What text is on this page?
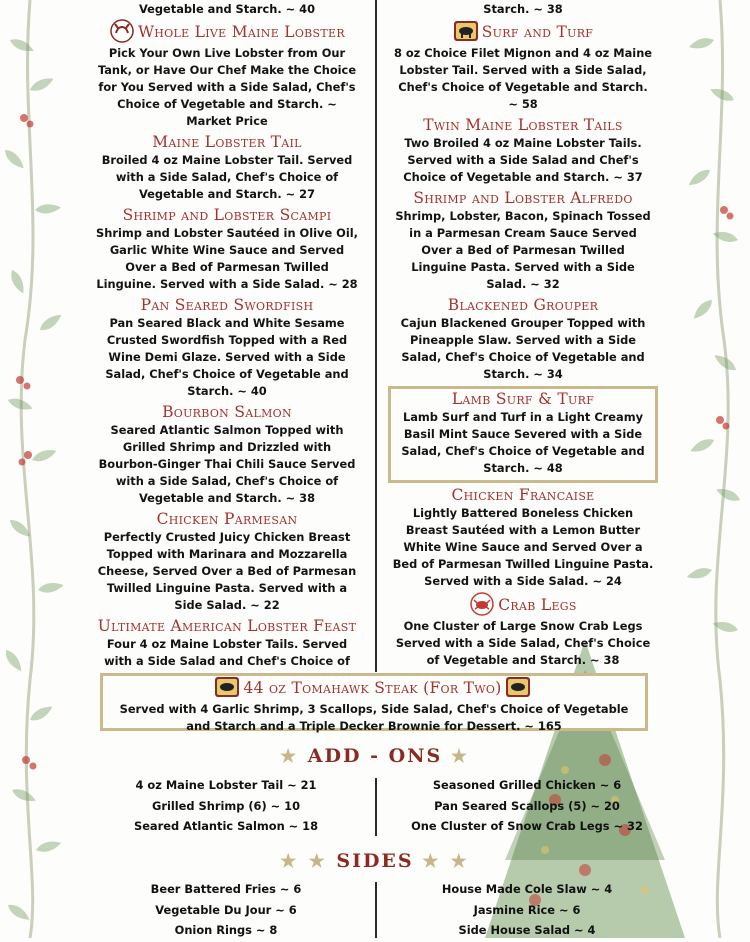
Vegetable and Starch. ~ 40
Whole Live Maine Lobster
Pick Your Own Live Lobster from Our Tank, or Have Our Chef Make the Choice for You Served with a Side Salad, Chef's Choice of Vegetable and Starch. ~ Market Price
Maine Lobster Tail
Broiled 4 oz Maine Lobster Tail. Served with a Side Salad, Chef's Choice of Vegetable and Starch. ~ 27
Shrimp and Lobster Scampi
Shrimp and Lobster Sautéed in Olive Oil, Garlic White Wine Sauce and Served Over a Bed of Parmesan Twilled Linguine. Served with a Side Salad. ~ 28
Pan Seared Swordfish
Pan Seared Black and White Sesame Crusted Swordfish Topped with a Red Wine Demi Glaze. Served with a Side Salad, Chef's Choice of Vegetable and Starch. ~ 40
Bourbon Salmon
Seared Atlantic Salmon Topped with Grilled Shrimp and Drizzled with Bourbon-Ginger Thai Chili Sauce Served with a Side Salad, Chef's Choice of Vegetable and Starch. ~ 38
Chicken Parmesan
Perfectly Crusted Juicy Chicken Breast Topped with Marinara and Mozzarella Cheese, Served Over a Bed of Parmesan Twilled Linguine Pasta. Served with a Side Salad. ~ 22
Ultimate American Lobster Feast
Four 4 oz Maine Lobster Tails. Served with a Side Salad and Chef's Choice of
Starch. ~ 38
Surf and Turf
8 oz Choice Filet Mignon and 4 oz Maine Lobster Tail. Served with a Side Salad, Chef's Choice of Vegetable and Starch. ~ 58
Twin Maine Lobster Tails
Two Broiled 4 oz Maine Lobster Tails. Served with a Side Salad and Chef's Choice of Vegetable and Starch. ~ 37
Shrimp and Lobster Alfredo
Shrimp, Lobster, Bacon, Spinach Tossed in a Parmesan Cream Sauce Served Over a Bed of Parmesan Twilled Linguine Pasta. Served with a Side Salad. ~ 32
Blackened Grouper
Cajun Blackened Grouper Topped with Pineapple Slaw. Served with a Side Salad, Chef's Choice of Vegetable and Starch. ~ 34
Lamb Surf & Turf
Lamb Surf and Turf in a Light Creamy Basil Mint Sauce Severed with a Side Salad, Chef's Choice of Vegetable and Starch. ~ 48
Chicken Francaise
Lightly Battered Boneless Chicken Breast Sautéed with a Lemon Butter White Wine Sauce and Served Over a Bed of Parmesan Twilled Linguine Pasta. Served with a Side Salad. ~ 24
Crab Legs
One Cluster of Large Snow Crab Legs Served with a Side Salad, Chef's Choice of Vegetable and Starch. ~ 38
44 oz Tomahawk Steak (For Two)
Served with 4 Garlic Shrimp, 3 Scallops, Side Salad, Chef's Choice of Vegetable and Starch and a Triple Decker Brownie for Dessert. ~ 165
★ ADD - ONS ★
4 oz Maine Lobster Tail ~ 21
Grilled Shrimp (6) ~ 10
Seared Atlantic Salmon ~ 18
Seasoned Grilled Chicken ~ 6
Pan Seared Scallops (5) ~ 20
One Cluster of Snow Crab Legs ~ 32
★ ★ SIDES ★ ★
Beer Battered Fries ~ 6
Vegetable Du Jour ~ 6
Onion Rings ~ 8
House Made Cole Slaw ~ 4
Jasmine Rice ~ 6
Side House Salad ~ 4
